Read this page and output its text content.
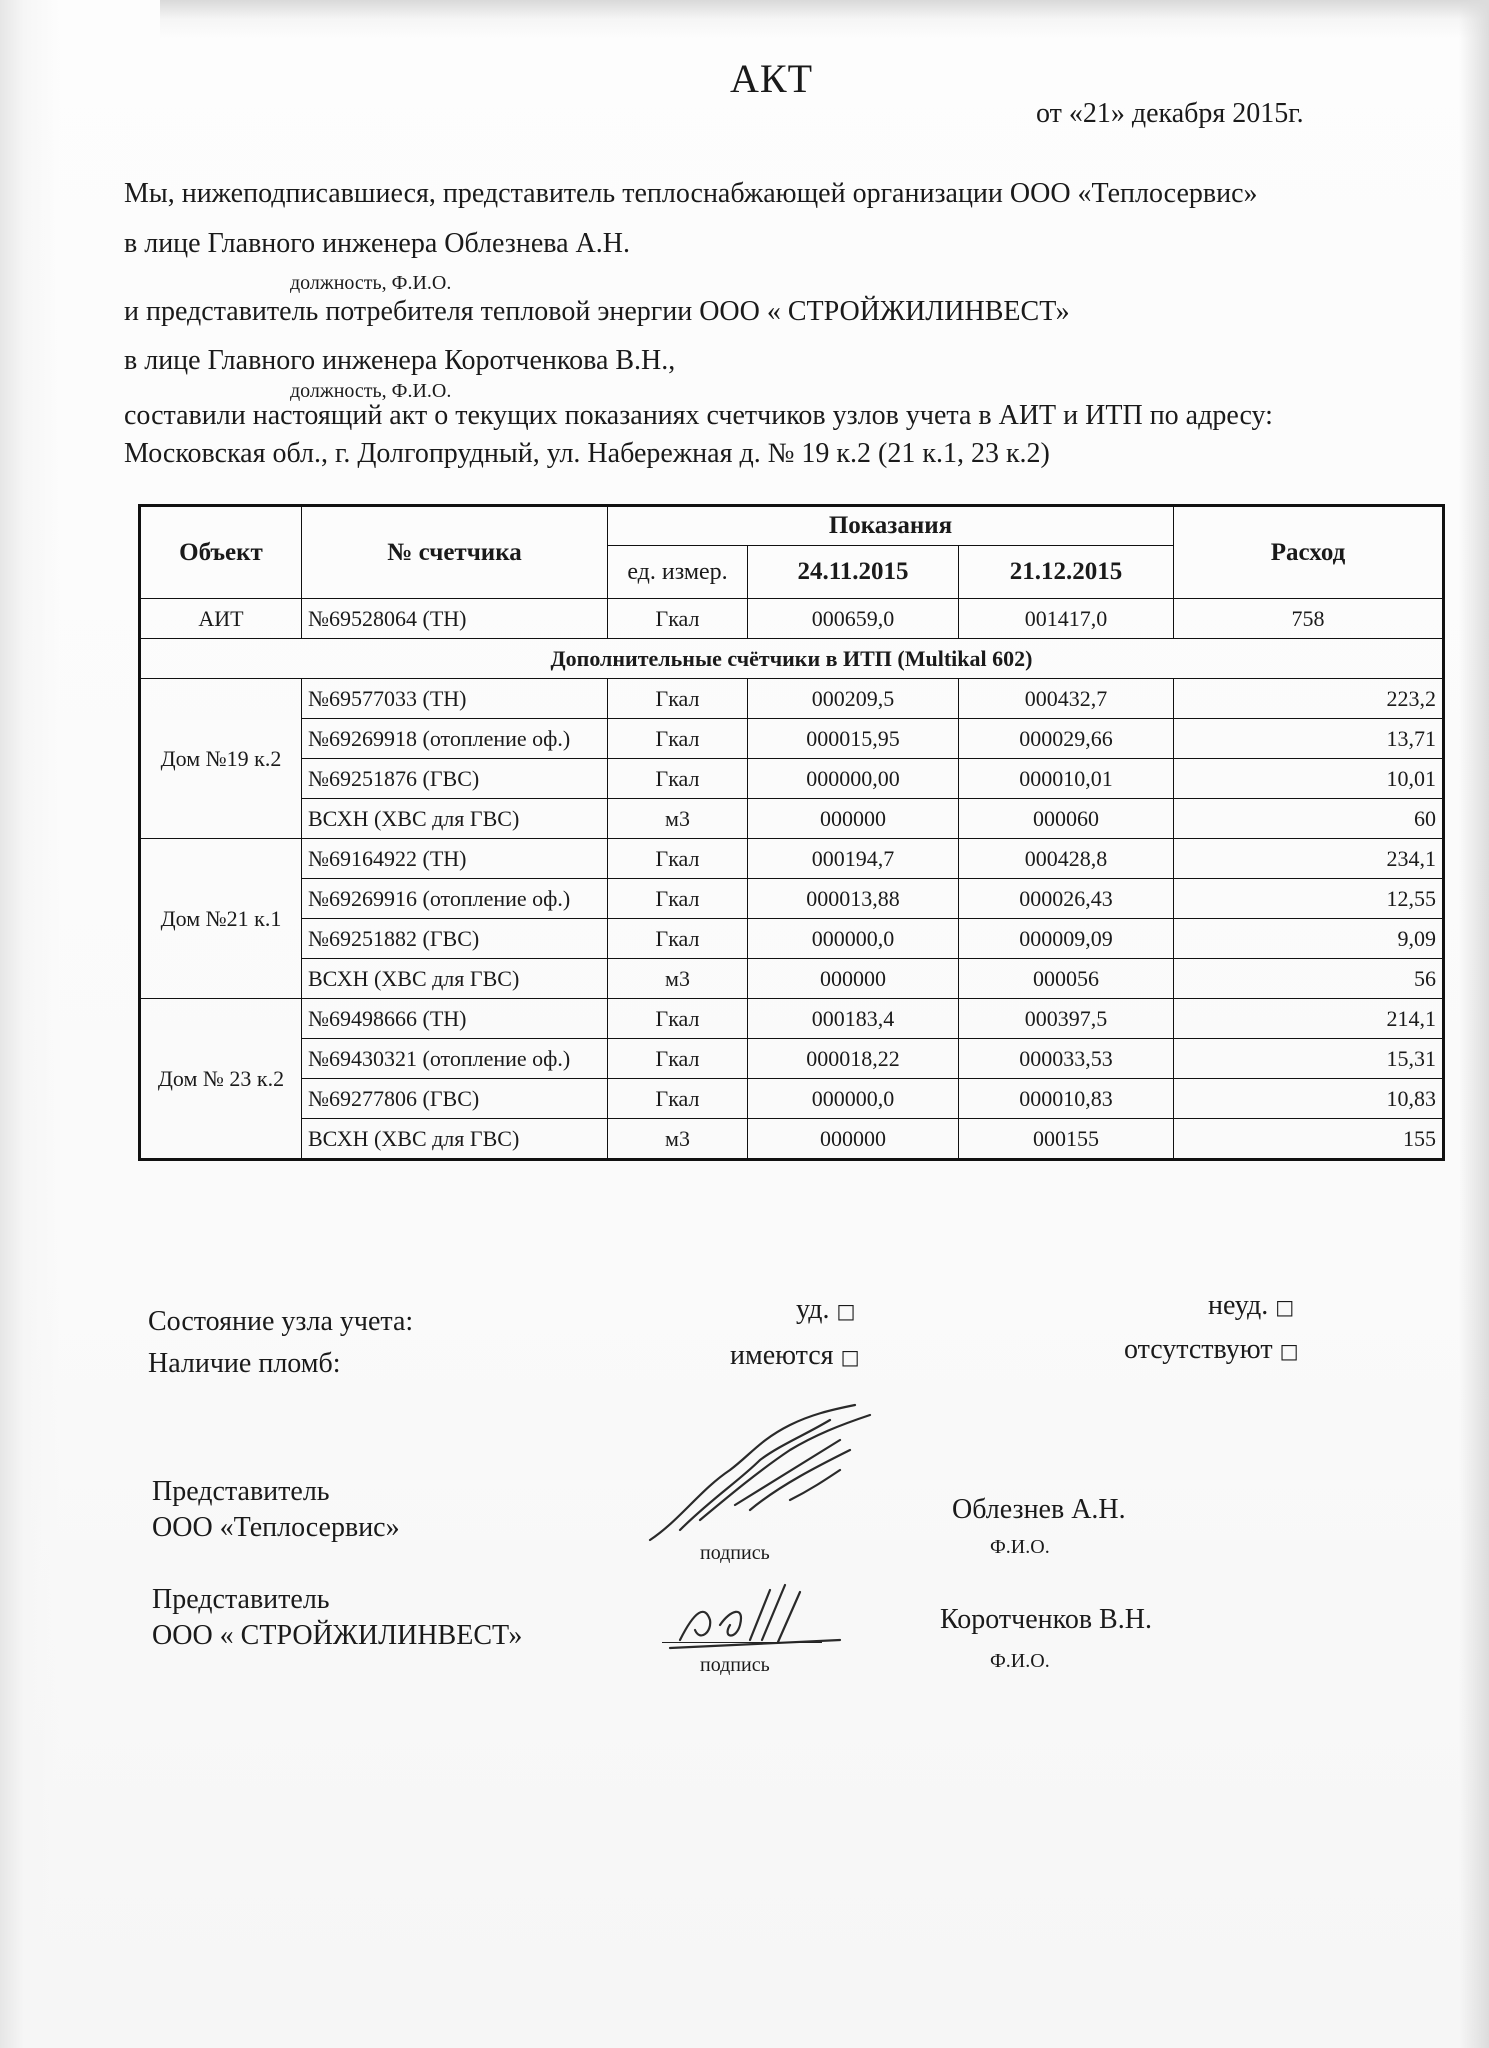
АКТ
от «21» декабря 2015г.
Мы, нижеподписавшиеся, представитель теплоснабжающей организации ООО «Теплосервис»
в лице Главного инженера Облезнева А.Н.
должность, Ф.И.О.
и представитель потребителя тепловой энергии ООО « СТРОЙЖИЛИНВЕСТ»
в лице Главного инженера Коротченкова В.Н.,
должность, Ф.И.О.
составили настоящий акт о текущих показаниях счетчиков узлов учета в АИТ и ИТП по адресу:
Московская обл., г. Долгопрудный, ул. Набережная д. № 19 к.2 (21 к.1, 23 к.2)
Объект	№ счетчика	Показания			Расход
		ед. измер.	24.11.2015	21.12.2015	
АИТ	№69528064 (ТН)	Гкал	000659,0	001417,0	758
Дополнительные счётчики в ИТП (Multikal 602)					
Дом №19 к.2	№69577033 (ТН)	Гкал	000209,5	000432,7	223,2
	№69269918 (отопление оф.)	Гкал	000015,95	000029,66	13,71
	№69251876 (ГВС)	Гкал	000000,00	000010,01	10,01
	ВСХН (ХВС для ГВС)	м3	000000	000060	60
Дом №21 к.1	№69164922 (ТН)	Гкал	000194,7	000428,8	234,1
	№69269916 (отопление оф.)	Гкал	000013,88	000026,43	12,55
	№69251882 (ГВС)	Гкал	000000,0	000009,09	9,09
	ВСХН (ХВС для ГВС)	м3	000000	000056	56
Дом № 23 к.2	№69498666 (ТН)	Гкал	000183,4	000397,5	214,1
	№69430321 (отопление оф.)	Гкал	000018,22	000033,53	15,31
	№69277806 (ГВС)	Гкал	000000,0	000010,83	10,83
	ВСХН (ХВС для ГВС)	м3	000000	000155	155
Состояние узла учета:	уд. □	неуд. □
Наличие пломб:	имеются □	отсутствуют □
Представитель
ООО «Теплосервис»
подпись
Облезнев А.Н.
Ф.И.О.
Представитель
ООО « СТРОЙЖИЛИНВЕСТ»
подпись
Коротченков В.Н.
Ф.И.О.
